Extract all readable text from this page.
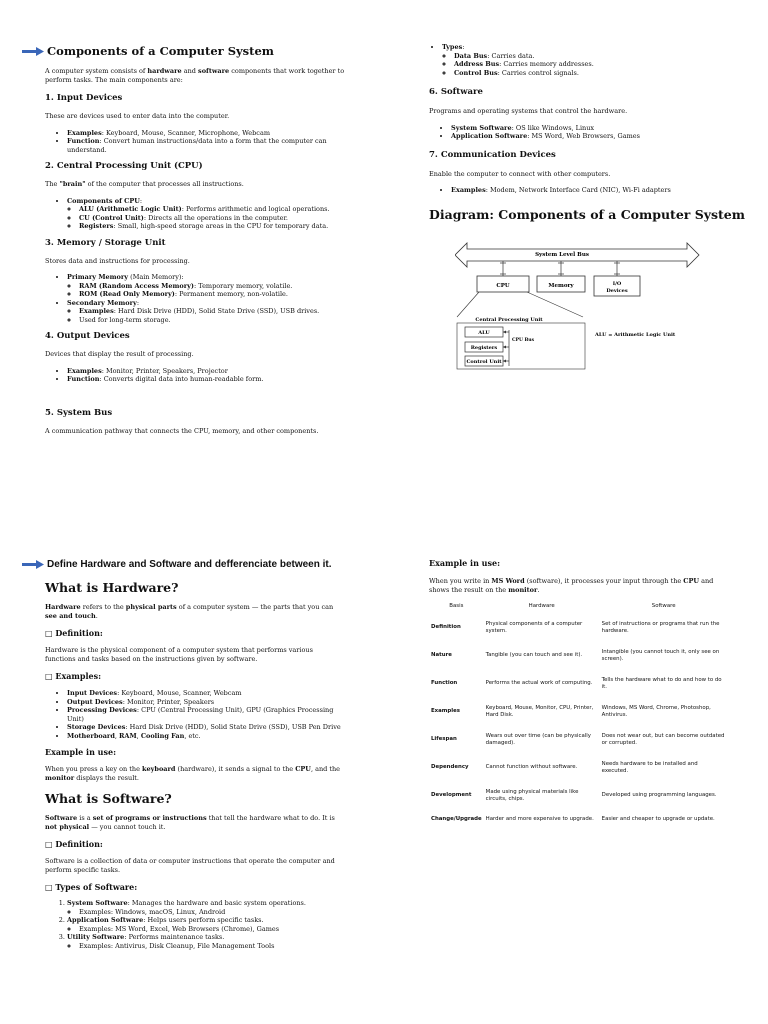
Components of a Computer System

A computer system consists of hardware and software components that work together to perform tasks. The main components are:

1. Input Devices

These are devices used to enter data into the computer.

• Examples: Keyboard, Mouse, Scanner, Microphone, Webcam
• Function: Convert human instructions/data into a form that the computer can understand.
2. Central Processing Unit (CPU)

The "brain" of the computer that processes all instructions.

• Components of CPU:
◦ ALU (Arithmetic Logic Unit): Performs arithmetic and logical operations.
◦ CU (Control Unit): Directs all the operations in the computer.
◦ Registers: Small, high-speed storage areas in the CPU for temporary data.
3. Memory / Storage Unit

Stores data and instructions for processing.

• Primary Memory (Main Memory):
◦ RAM (Random Access Memory): Temporary memory, volatile.
◦ ROM (Read Only Memory): Permanent memory, non-volatile.
• Secondary Memory:
◦ Examples: Hard Disk Drive (HDD), Solid State Drive (SSD), USB drives.
◦ Used for long-term storage.
4. Output Devices

Devices that display the result of processing.

• Examples: Monitor, Printer, Speakers, Projector
• Function: Converts digital data into human-readable form.
5. System Bus

A communication pathway that connects the CPU, memory, and other components.

• Types:
◦ Data Bus: Carries data.
◦ Address Bus: Carries memory addresses.
◦ Control Bus: Carries control signals.
6. Software

Programs and operating systems that control the hardware.

• System Software: OS like Windows, Linux
• Application Software: MS Word, Web Browsers, Games
7. Communication Devices

Enable the computer to connect with other computers.

• Examples: Modem, Network Interface Card (NIC), Wi-Fi adapters
Diagram: Components of a Computer System
System Level Bus
CPU	Memory	I/O
Devices
Central Processing Unit
ALU
Registers
Control Unit
CPU Bus
ALU = Arithmetic Logic Unit
Define Hardware and Software and defferenciate between it.
What is Hardware?

Hardware refers to the physical parts of a computer system — the parts that you can see and touch.

□ Definition:

Hardware is the physical component of a computer system that performs various functions and tasks based on the instructions given by software.

□ Examples:
• Input Devices: Keyboard, Mouse, Scanner, Webcam
• Output Devices: Monitor, Printer, Speakers
• Processing Devices: CPU (Central Processing Unit), GPU (Graphics Processing Unit)
• Storage Devices: Hard Disk Drive (HDD), Solid State Drive (SSD), USB Pen Drive
• Motherboard, RAM, Cooling Fan, etc.
Example in use:

When you press a key on the keyboard (hardware), it sends a signal to the CPU, and the monitor displays the result.

What is Software?

Software is a set of programs or instructions that tell the hardware what to do. It is not physical — you cannot touch it.

□ Definition:

Software is a collection of data or computer instructions that operate the computer and perform specific tasks.

□ Types of Software:
1. System Software: Manages the hardware and basic system operations.
◦ Examples: Windows, macOS, Linux, Android
2. Application Software: Helps users perform specific tasks.
◦ Examples: MS Word, Excel, Web Browsers (Chrome), Games
3. Utility Software: Performs maintenance tasks.
◦ Examples: Antivirus, Disk Cleanup, File Management Tools
Example in use:

When you write in MS Word (software), it processes your input through the CPU and shows the result on the monitor.

Basis	Hardware	Software
Definition	Physical components of a computer system.	Set of instructions or programs that run the hardware.
Nature	Tangible (you can touch and see it).	Intangible (you cannot touch it, only see on screen).
Function	Performs the actual work of computing.	Tells the hardware what to do and how to do it.
Examples	Keyboard, Mouse, Monitor, CPU, Printer, Hard Disk.	Windows, MS Word, Chrome, Photoshop, Antivirus.
Lifespan	Wears out over time (can be physically damaged).	Does not wear out, but can become outdated or corrupted.
Dependency	Cannot function without software.	Needs hardware to be installed and executed.
Development	Made using physical materials like circuits, chips.	Developed using programming languages.
Change/Upgrade	Harder and more expensive to upgrade.	Easier and cheaper to upgrade or update.
